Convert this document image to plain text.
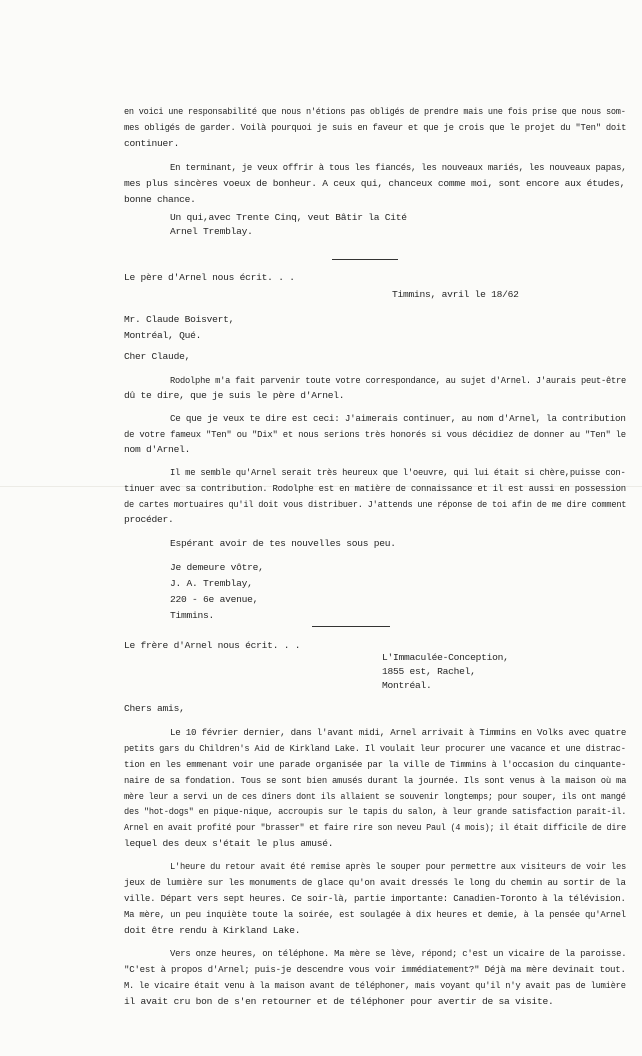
en voici une responsabilité que nous n'étions pas obligés de prendre mais une fois prise que nous som-
mes obligés de garder. Voilà pourquoi je suis en faveur et que je crois que le projet du "Ten" doit
continuer.
En terminant, je veux offrir à tous les fiancés, les nouveaux mariés, les nouveaux papas,
mes plus sincères voeux de bonheur. A ceux qui, chanceux comme moi, sont encore aux études,
bonne chance.
Un qui,avec Trente Cinq, veut Bâtir la Cité
Arnel Tremblay.
Le père d'Arnel nous écrit. . .
Timmins, avril le 18/62
Mr. Claude Boisvert,
Montréal, Qué.
Cher Claude,
Rodolphe m'a fait parvenir toute votre correspondance, au sujet d'Arnel. J'aurais peut-être
dû te dire, que je suis le père d'Arnel.
Ce que je veux te dire est ceci: J'aimerais continuer, au nom d'Arnel, la contribution
de votre fameux "Ten" ou "Dix" et nous serions très honorés si vous décidiez de donner au "Ten" le
nom d'Arnel.
Il me semble qu'Arnel serait très heureux que l'oeuvre, qui lui était si chère,puisse con-
tinuer avec sa contribution. Rodolphe est en matière de connaissance et il est aussi en possession
de cartes mortuaires qu'il doit vous distribuer. J'attends une réponse de toi afin de me dire comment
procéder.
Espérant avoir de tes nouvelles sous peu.
Je demeure vôtre,
J. A. Tremblay,
220 - 6e avenue,
Timmins.
Le frère d'Arnel nous écrit. . .
L'Immaculée-Conception,
1855 est, Rachel,
Montréal.
Chers amis,
Le 10 février dernier, dans l'avant midi, Arnel arrivait à Timmins en Volks avec quatre
petits gars du Children's Aid de Kirkland Lake. Il voulait leur procurer une vacance et une distrac-
tion en les emmenant voir une parade organisée par la ville de Timmins à l'occasion du cinquante-
naire de sa fondation. Tous se sont bien amusés durant la journée. Ils sont venus à la maison où ma
mère leur a servi un de ces dîners dont ils allaient se souvenir longtemps; pour souper, ils ont mangé
des "hot-dogs" en pique-nique, accroupis sur le tapis du salon, à leur grande satisfaction paraît-il.
Arnel en avait profité pour "brasser" et faire rire son neveu Paul (4 mois); il était difficile de dire
lequel des deux s'était le plus amusé.
L'heure du retour avait été remise après le souper pour permettre aux visiteurs de voir les
jeux de lumière sur les monuments de glace qu'on avait dressés le long du chemin au sortir de la
ville. Départ vers sept heures. Ce soir-là, partie importante: Canadien-Toronto à la télévision.
Ma mère, un peu inquiète toute la soirée, est soulagée à dix heures et demie, à la pensée qu'Arnel
doit être rendu à Kirkland Lake.
Vers onze heures, on téléphone. Ma mère se lève, répond; c'est un vicaire de la paroisse.
"C'est à propos d'Arnel; puis-je descendre vous voir immédiatement?" Déjà ma mère devinait tout.
M. le vicaire était venu à la maison avant de téléphoner, mais voyant qu'il n'y avait pas de lumière
il avait cru bon de s'en retourner et de téléphoner pour avertir de sa visite.
